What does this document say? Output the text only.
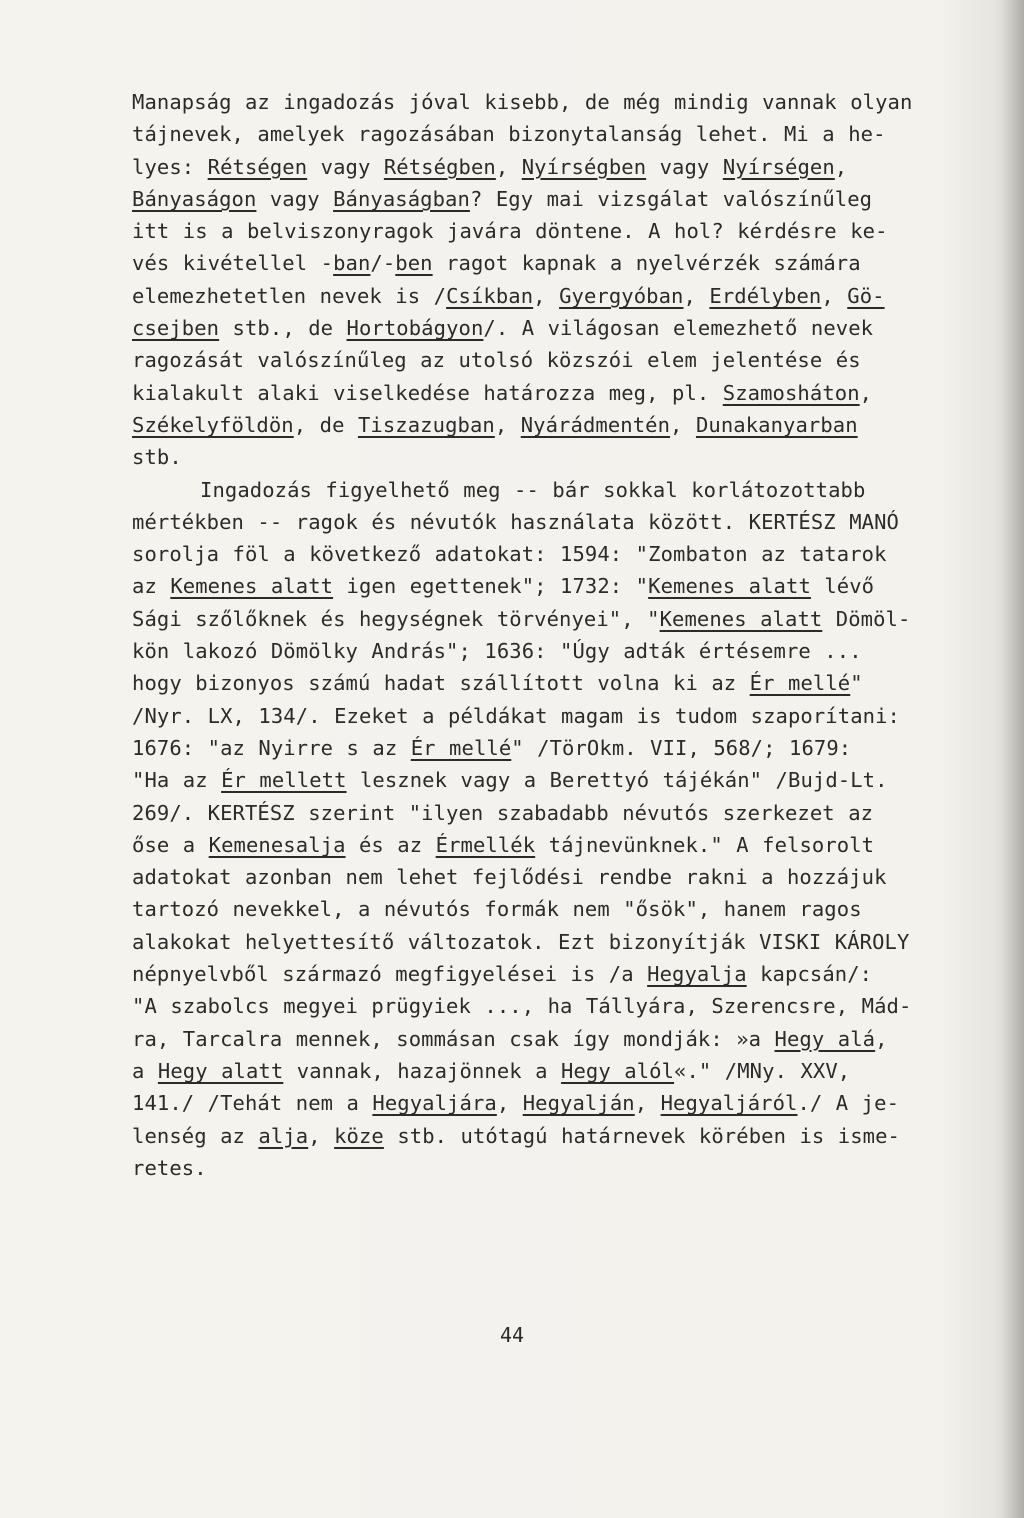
Manapság az ingadozás jóval kisebb, de még mindig vannak olyan
tájnevek, amelyek ragozásában bizonytalanság lehet. Mi a he-
lyes: Rétségen vagy Rétségben, Nyírségben vagy Nyírségen,
Bányaságon vagy Bányaságban? Egy mai vizsgálat valószínűleg
itt is a belviszonyragok javára döntene. A hol? kérdésre ke-
vés kivétellel -ban/-ben ragot kapnak a nyelvérzék számára
elemezhetetlen nevek is /Csíkban, Gyergyóban, Erdélyben, Gö-
csejben stb., de Hortobágyon/. A világosan elemezhető nevek
ragozását valószínűleg az utolsó közszói elem jelentése és
kialakult alaki viselkedése határozza meg, pl. Szamosháton,
Székelyföldön, de Tiszazugban, Nyárádmentén, Dunakanyarban
stb.
Ingadozás figyelhető meg -- bár sokkal korlátozottabb
mértékben -- ragok és névutók használata között. KERTÉSZ MANÓ
sorolja föl a következő adatokat: 1594: "Zombaton az tatarok
az Kemenes alatt igen egettenek"; 1732: "Kemenes alatt lévő
Sági szőlőknek és hegységnek törvényei", "Kemenes alatt Dömöl-
kön lakozó Dömölky András"; 1636: "Úgy adták értésemre ...
hogy bizonyos számú hadat szállított volna ki az Ér mellé"
/Nyr. LX, 134/. Ezeket a példákat magam is tudom szaporítani:
1676: "az Nyirre s az Ér mellé" /TörOkm. VII, 568/; 1679:
"Ha az Ér mellett lesznek vagy a Berettyó tájékán" /Bujd-Lt.
269/. KERTÉSZ szerint "ilyen szabadabb névutós szerkezet az
őse a Kemenesalja és az Érmellék tájnevünknek." A felsorolt
adatokat azonban nem lehet fejlődési rendbe rakni a hozzájuk
tartozó nevekkel, a névutós formák nem "ősök", hanem ragos
alakokat helyettesítő változatok. Ezt bizonyítják VISKI KÁROLY
népnyelvből származó megfigyelései is /a Hegyalja kapcsán/:
"A szabolcs megyei prügyiek ..., ha Tállyára, Szerencsre, Mád-
ra, Tarcalra mennek, sommásan csak így mondják: »a Hegy alá,
a Hegy alatt vannak, hazajönnek a Hegy alól«." /MNy. XXV,
141./ /Tehát nem a Hegyaljára, Hegyalján, Hegyaljáról./ A je-
lenség az alja, köze stb. utótagú határnevek körében is isme-
retes.
44
